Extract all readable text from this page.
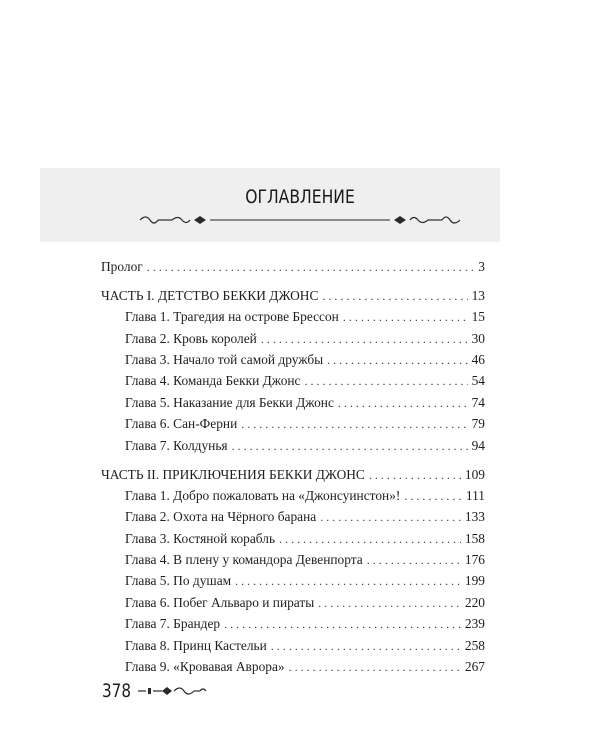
ОГЛАВЛЕНИЕ
Пролог . . .	3
ЧАСТЬ I. ДЕТСТВО БЕККИ ДЖОНС . . .	13
Глава 1. Трагедия на острове Брессон . . .	15
Глава 2. Кровь королей . . .	30
Глава 3. Начало той самой дружбы . . .	46
Глава 4. Команда Бекки Джонс . . .	54
Глава 5. Наказание для Бекки Джонс . . .	74
Глава 6. Сан-Ферни . . .	79
Глава 7. Колдунья . . .	94
ЧАСТЬ II. ПРИКЛЮЧЕНИЯ БЕККИ ДЖОНС . . .	109
Глава 1. Добро пожаловать на «Джонсуинстон»! . . .	111
Глава 2. Охота на Чёрного барана . . .	133
Глава 3. Костяной корабль . . .	158
Глава 4. В плену у командора Девенпорта . . .	176
Глава 5. По душам . . .	199
Глава 6. Побег Альваро и пираты . . .	220
Глава 7. Брандер . . .	239
Глава 8. Принц Кастельи . . .	258
Глава 9. «Кровавая Аврора» . . .	267
378
